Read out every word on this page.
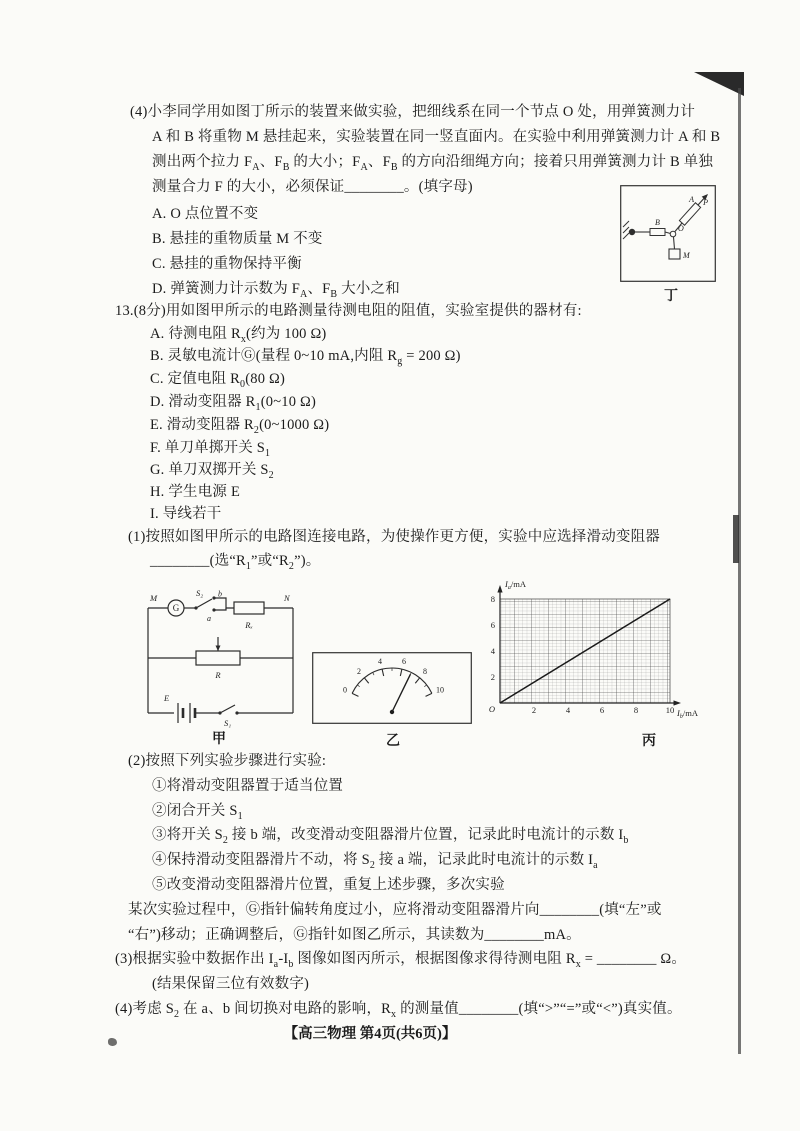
(4)小李同学用如图丁所示的装置来做实验，把细线系在同一个节点 O 处，用弹簧测力计
A 和 B 将重物 M 悬挂起来，实验装置在同一竖直面内。在实验中利用弹簧测力计 A 和 B
测出两个拉力 $F_A$、$F_B$ 的大小；$F_A$、$F_B$ 的方向沿细绳方向；接着只用弹簧测力计 B 单独
测量合力 F 的大小，必须保证________。(填字母)
A. O 点位置不变
B. 悬挂的重物质量 M 不变
C. 悬挂的重物保持平衡
D. 弹簧测力计示数为 $F_A$、$F_B$ 大小之和
B
O
A P
M
丁
13.(8分)用如图甲所示的电路测量待测电阻的阻值，实验室提供的器材有:
A. 待测电阻 $R_x$(约为 100 Ω)
B. 灵敏电流计Ⓖ(量程 0~10 mA,内阻 $R_g = 200$ Ω)
C. 定值电阻 $R_0(80$ Ω)
D. 滑动变阻器 $R_1(0\sim 10$ Ω)
E. 滑动变阻器 $R_2(0\sim 1000$ Ω)
F. 单刀单掷开关 $S_1$
G. 单刀双掷开关 $S_2$
H. 学生电源 E
I. 导线若干
(1)按照如图甲所示的电路图连接电路，为使操作更方便，实验中应选择滑动变阻器
________(选“$R_1$”或“$R_2$”)。
M
G
S₂ b
a
Rₓ
N
R
E
S₁
0
2
4	6
8
10
8
6
4
2
2	4	6	8	10
O
$I_a/mA$
$I_b/mA$
甲	乙	丙
(2)按照下列实验步骤进行实验:
①将滑动变阻器置于适当位置
②闭合开关 $S_1$
③将开关 $S_2$ 接 b 端，改变滑动变阻器滑片位置，记录此时电流计的示数 $I_b$
④保持滑动变阻器滑片不动，将 $S_2$ 接 a 端，记录此时电流计的示数 $I_a$
⑤改变滑动变阻器滑片位置，重复上述步骤，多次实验
某次实验过程中，Ⓖ指针偏转角度过小，应将滑动变阻器滑片向________(填“左”或
“右”)移动；正确调整后，Ⓖ指针如图乙所示，其读数为________mA。
(3)根据实验中数据作出 $I_a-I_b$ 图像如图丙所示，根据图像求得待测电阻 $R_x$ = ________ Ω。
(结果保留三位有效数字)
(4)考虑 $S_2$ 在 a、b 间切换对电路的影响，$R_x$ 的测量值________(填“>”“=”或“<”)真实值。
【高三物理 第4页(共6页)】
